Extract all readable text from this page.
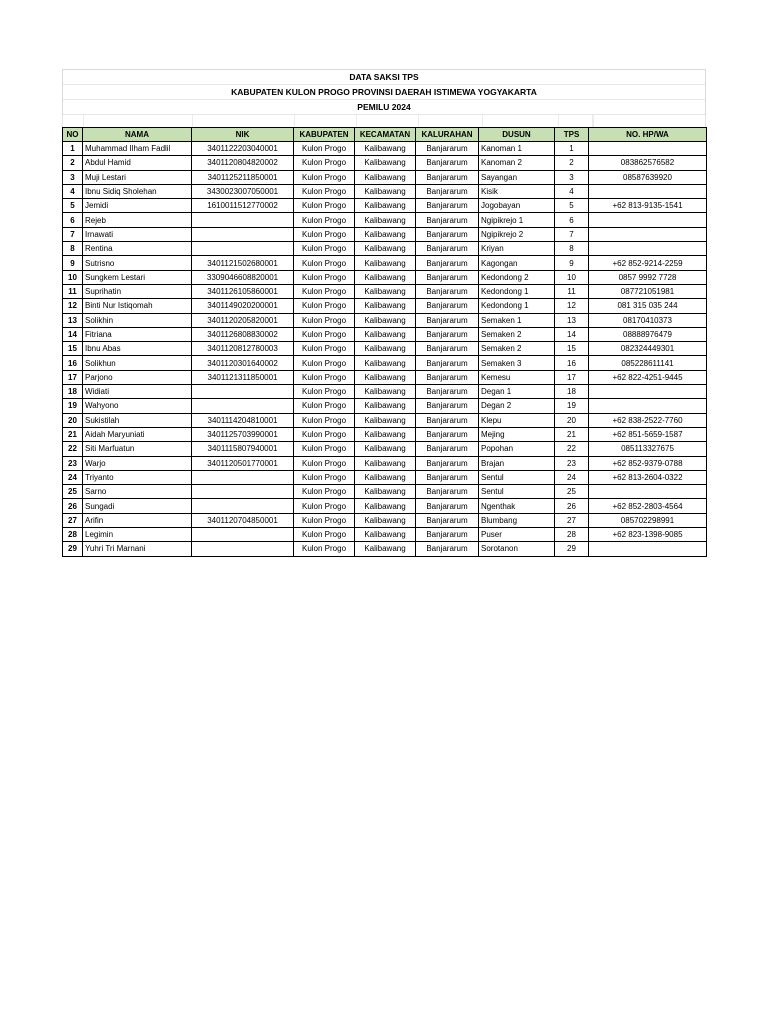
DATA SAKSI TPS
KABUPATEN KULON PROGO PROVINSI DAERAH ISTIMEWA YOGYAKARTA
PEMILU 2024
NO	NAMA	NIK	KABUPATEN	KECAMATAN	KALURAHAN	DUSUN	TPS	NO. HP/WA
1	Muhammad Ilham Fadlil	3401122203040001	Kulon Progo	Kalibawang	Banjararum	Kanoman 1	1	
2	Abdul Hamid	3401120804820002	Kulon Progo	Kalibawang	Banjararum	Kanoman 2	2	083862576582
3	Muji Lestari	3401125211850001	Kulon Progo	Kalibawang	Banjararum	Sayangan	3	08587639920
4	Ibnu Sidiq Sholehan	3430023007050001	Kulon Progo	Kalibawang	Banjararum	Kisik	4	
5	Jemidi	1610011512770002	Kulon Progo	Kalibawang	Banjararum	Jogobayan	5	+62 813-9135-1541
6	Rejeb		Kulon Progo	Kalibawang	Banjararum	Ngipikrejo 1	6	
7	Irnawati		Kulon Progo	Kalibawang	Banjararum	Ngipikrejo 2	7	
8	Rentina		Kulon Progo	Kalibawang	Banjararum	Kriyan	8	
9	Sutrisno	3401121502680001	Kulon Progo	Kalibawang	Banjararum	Kagongan	9	+62 852-9214-2259
10	Sungkem Lestari	3309046608820001	Kulon Progo	Kalibawang	Banjararum	Kedondong 2	10	0857 9992 7728
11	Suprihatin	3401126105860001	Kulon Progo	Kalibawang	Banjararum	Kedondong 1	11	087721051981
12	Binti Nur Istiqomah	3401149020200001	Kulon Progo	Kalibawang	Banjararum	Kedondong 1	12	081 315 035 244
13	Solikhin	3401120205820001	Kulon Progo	Kalibawang	Banjararum	Semaken 1	13	08170410373
14	Fitriana	3401126808830002	Kulon Progo	Kalibawang	Banjararum	Semaken 2	14	08888976479
15	Ibnu Abas	3401120812780003	Kulon Progo	Kalibawang	Banjararum	Semaken 2	15	082324449301
16	Solikhun	3401120301640002	Kulon Progo	Kalibawang	Banjararum	Semaken 3	16	085228611141
17	Parjono	3401121311850001	Kulon Progo	Kalibawang	Banjararum	Kemesu	17	+62 822-4251-9445
18	Widiati		Kulon Progo	Kalibawang	Banjararum	Degan 1	18	
19	Wahyono		Kulon Progo	Kalibawang	Banjararum	Degan 2	19	
20	Sukistilah	3401114204810001	Kulon Progo	Kalibawang	Banjararum	Klepu	20	+62 838-2522-7760
21	Aidah Maryuniati	3401125703990001	Kulon Progo	Kalibawang	Banjararum	Mejing	21	+62 851-5659-1587
22	Siti Marfuatun	3401115807940001	Kulon Progo	Kalibawang	Banjararum	Popohan	22	085113327675
23	Warjo	3401120501770001	Kulon Progo	Kalibawang	Banjararum	Brajan	23	+62 852-9379-0788
24	Triyanto		Kulon Progo	Kalibawang	Banjararum	Sentul	24	+62 813-2604-0322
25	Sarno		Kulon Progo	Kalibawang	Banjararum	Sentul	25	
26	Sungadi		Kulon Progo	Kalibawang	Banjararum	Ngenthak	26	+62 852-2803-4564
27	Arifin	3401120704850001	Kulon Progo	Kalibawang	Banjararum	Blumbang	27	085702298991
28	Legimin		Kulon Progo	Kalibawang	Banjararum	Puser	28	+62 823-1398-9085
29	Yuhri Tri Marnani		Kulon Progo	Kalibawang	Banjararum	Sorotanon	29	
